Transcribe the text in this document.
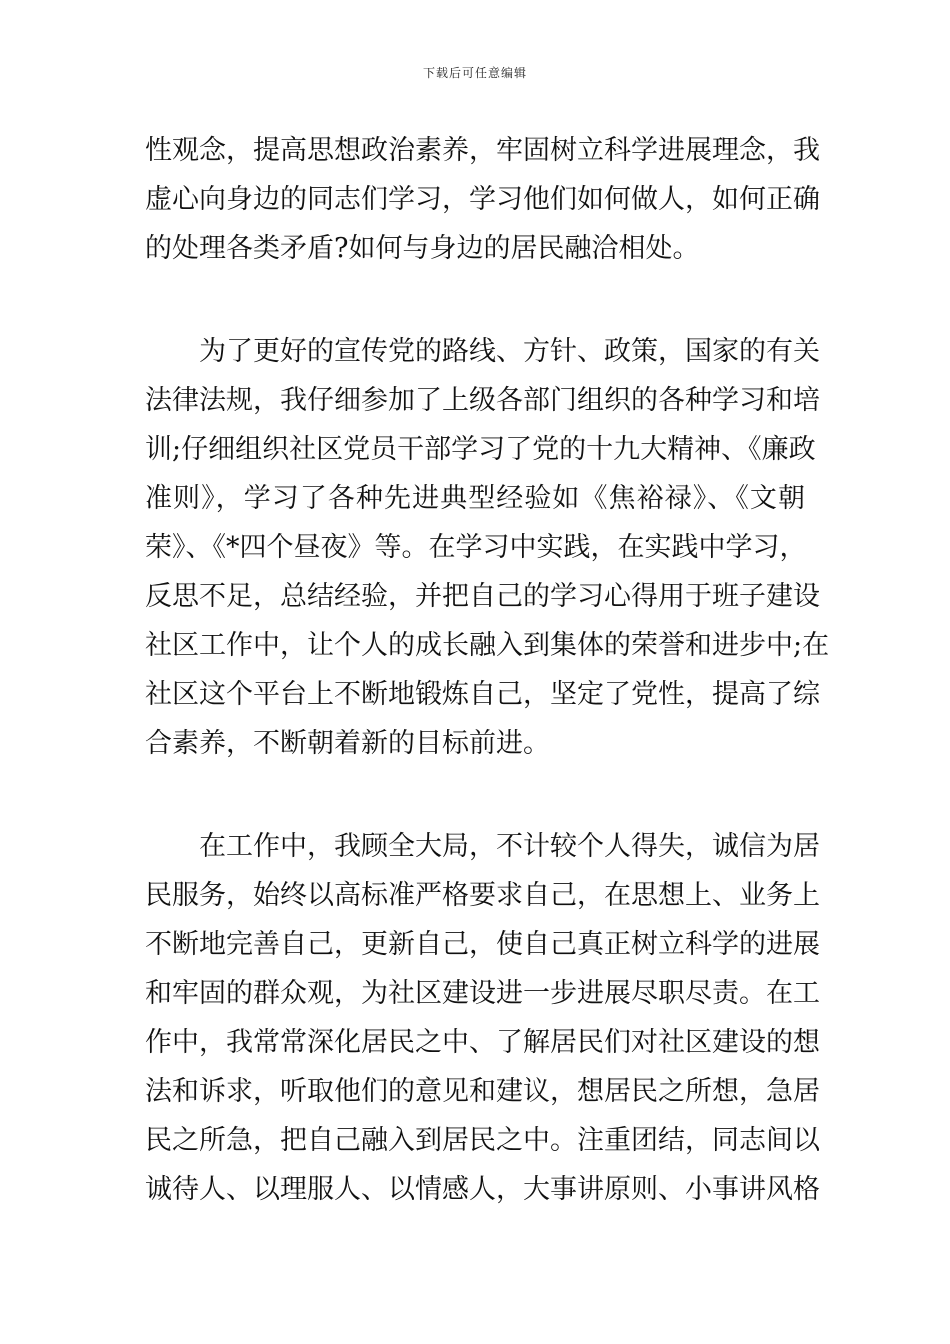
下载后可任意编辑
性观念，提高思想政治素养，牢固树立科学进展理念，我
虚心向身边的同志们学习，学习他们如何做人，如何正确
的处理各类矛盾?如何与身边的居民融洽相处。
为了更好的宣传党的路线、方针、政策，国家的有关
法律法规，我仔细参加了上级各部门组织的各种学习和培
训;仔细组织社区党员干部学习了党的十九大精神、《廉政
准则》，学习了各种先进典型经验如《焦裕禄》、《文朝
荣》、《*四个昼夜》等。在学习中实践，在实践中学习，
反思不足，总结经验，并把自己的学习心得用于班子建设
社区工作中，让个人的成长融入到集体的荣誉和进步中;在
社区这个平台上不断地锻炼自己，坚定了党性，提高了综
合素养，不断朝着新的目标前进。
在工作中，我顾全大局，不计较个人得失，诚信为居
民服务，始终以高标准严格要求自己，在思想上、业务上
不断地完善自己，更新自己，使自己真正树立科学的进展
和牢固的群众观，为社区建设进一步进展尽职尽责。在工
作中，我常常深化居民之中、了解居民们对社区建设的想
法和诉求，听取他们的意见和建议，想居民之所想，急居
民之所急，把自己融入到居民之中。注重团结，同志间以
诚待人、以理服人、以情感人，大事讲原则、小事讲风格
